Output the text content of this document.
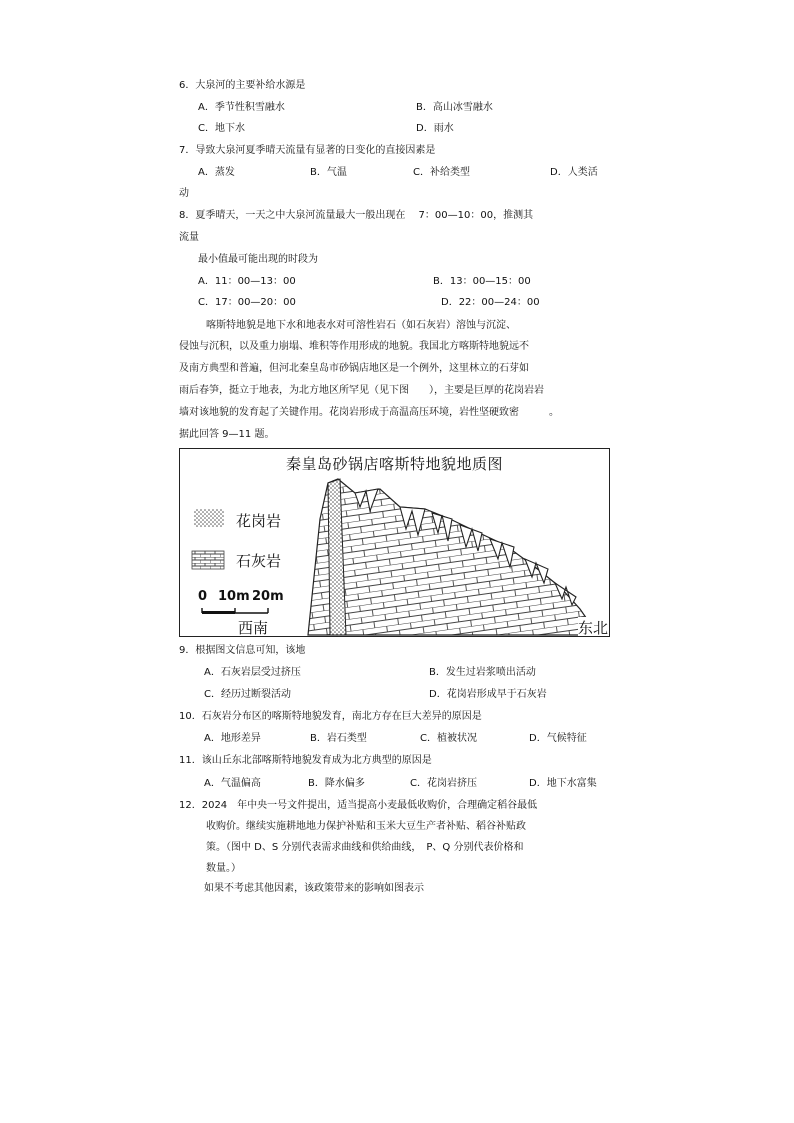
6．大泉河的主要补给水源是
A．季节性积雪融水	B．高山冰雪融水
C．地下水	D．雨水
7．导致大泉河夏季晴天流量有显著的日变化的直接因素是
A．蒸发	B．气温	C．补给类型	D．人类活
动
8．夏季晴天，一天之中大泉河流量最大一般出现在　 7：00—10：00，推测其
流量
最小值最可能出现的时段为
A．11：00—13：00	B．13：00—15：00
C．17：00—20：00	D．22：00—24：00
喀斯特地貌是地下水和地表水对可溶性岩石（如石灰岩）溶蚀与沉淀、
侵蚀与沉积，以及重力崩塌、堆积等作用形成的地貌。我国北方喀斯特地貌远不
及南方典型和普遍，但河北秦皇岛市砂锅店地区是一个例外，这里林立的石芽如
雨后春笋，挺立于地表，为北方地区所罕见（见下图　　），主要是巨厚的花岗岩岩
墙对该地貌的发育起了关键作用。花岗岩形成于高温高压环境，岩性坚硬致密　　　。
据此回答 9—11 题。
秦皇岛砂锅店喀斯特地貌地质图
花岗岩
石灰岩
0 10m 20m
西南	东北
9．根据图文信息可知，该地
A．石灰岩层受过挤压	B．发生过岩浆喷出活动
C．经历过断裂活动	D．花岗岩形成早于石灰岩
10．石灰岩分布区的喀斯特地貌发育，南北方存在巨大差异的原因是
A．地形差异	B．岩石类型	C．植被状况	D．气候特征
11．该山丘东北部喀斯特地貌发育成为北方典型的原因是
A．气温偏高	B．降水偏多	C．花岗岩挤压	D．地下水富集
12．2024　年中央一号文件提出，适当提高小麦最低收购价，合理确定稻谷最低
收购价。继续实施耕地地力保护补贴和玉米大豆生产者补贴、稻谷补贴政
策。（图中 D、S 分别代表需求曲线和供给曲线，　P、Q 分别代表价格和
数量。）
如果不考虑其他因素，该政策带来的影响如图表示
